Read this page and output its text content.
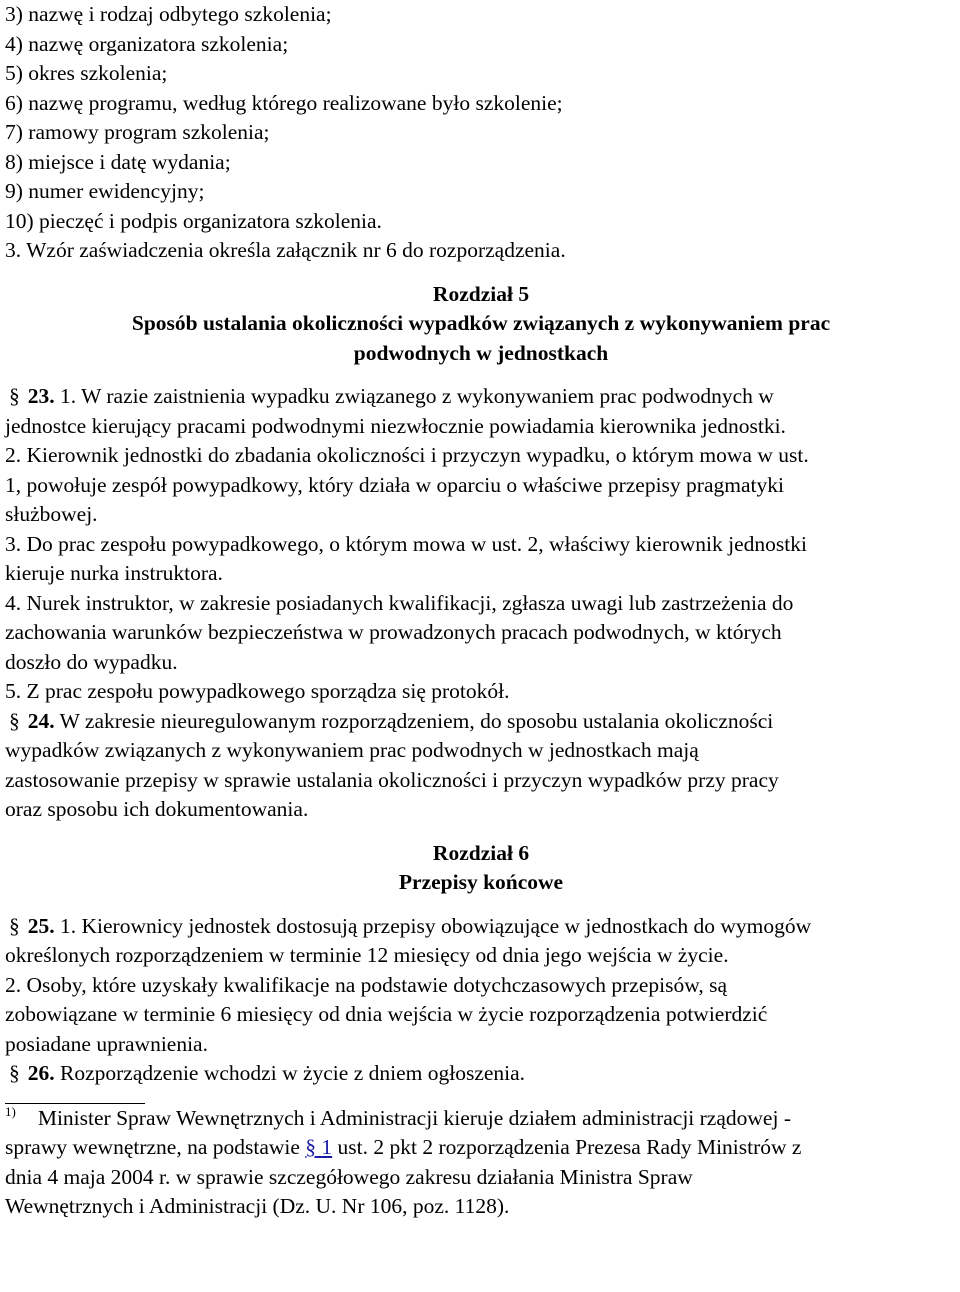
3) nazwę i rodzaj odbytego szkolenia;
4) nazwę organizatora szkolenia;
5) okres szkolenia;
6) nazwę programu, według którego realizowane było szkolenie;
7) ramowy program szkolenia;
8) miejsce i datę wydania;
9) numer ewidencyjny;
10) pieczęć i podpis organizatora szkolenia.
3. Wzór zaświadczenia określa załącznik nr 6 do rozporządzenia.
Rozdział 5
Sposób ustalania okoliczności wypadków związanych z wykonywaniem prac
podwodnych w jednostkach
§ 23. 1. W razie zaistnienia wypadku związanego z wykonywaniem prac podwodnych w
jednostce kierujący pracami podwodnymi niezwłocznie powiadamia kierownika jednostki.
2. Kierownik jednostki do zbadania okoliczności i przyczyn wypadku, o którym mowa w ust.
1, powołuje zespół powypadkowy, który działa w oparciu o właściwe przepisy pragmatyki
służbowej.
3. Do prac zespołu powypadkowego, o którym mowa w ust. 2, właściwy kierownik jednostki
kieruje nurka instruktora.
4. Nurek instruktor, w zakresie posiadanych kwalifikacji, zgłasza uwagi lub zastrzeżenia do
zachowania warunków bezpieczeństwa w prowadzonych pracach podwodnych, w których
doszło do wypadku.
5. Z prac zespołu powypadkowego sporządza się protokół.
§ 24. W zakresie nieuregulowanym rozporządzeniem, do sposobu ustalania okoliczności
wypadków związanych z wykonywaniem prac podwodnych w jednostkach mają
zastosowanie przepisy w sprawie ustalania okoliczności i przyczyn wypadków przy pracy
oraz sposobu ich dokumentowania.
Rozdział 6
Przepisy końcowe
§ 25. 1. Kierownicy jednostek dostosują przepisy obowiązujące w jednostkach do wymogów
określonych rozporządzeniem w terminie 12 miesięcy od dnia jego wejścia w życie.
2. Osoby, które uzyskały kwalifikacje na podstawie dotychczasowych przepisów, są
zobowiązane w terminie 6 miesięcy od dnia wejścia w życie rozporządzenia potwierdzić
posiadane uprawnienia.
§ 26. Rozporządzenie wchodzi w życie z dniem ogłoszenia.
$^{1)}$ Minister Spraw Wewnętrznych i Administracji kieruje działem administracji rządowej -
sprawy wewnętrzne, na podstawie § 1 ust. 2 pkt 2 rozporządzenia Prezesa Rady Ministrów z
dnia 4 maja 2004 r. w sprawie szczegółowego zakresu działania Ministra Spraw
Wewnętrznych i Administracji (Dz. U. Nr 106, poz. 1128).
